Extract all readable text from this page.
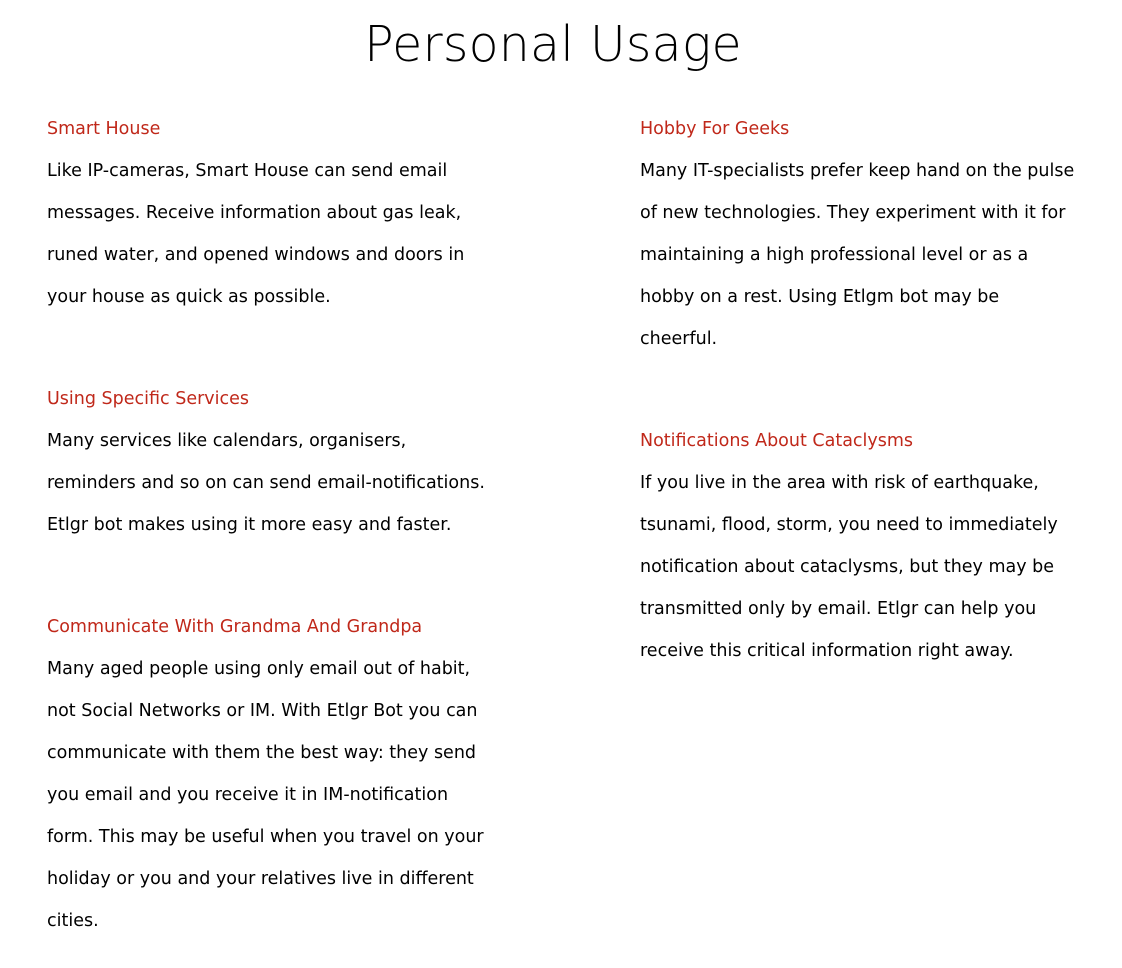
Personal Usage
Smart House

Like IP-cameras, Smart House can send email
messages. Receive information about gas leak,
runed water, and opened windows and doors in
your house as quick as possible.

Using Specific Services

Many services like calendars, organisers,
reminders and so on can send email-notifications.
Etlgr bot makes using it more easy and faster.

Communicate With Grandma And Grandpa

Many aged people using only email out of habit,
not Social Networks or IM. With Etlgr Bot you can
communicate with them the best way: they send
you email and you receive it in IM-notification
form. This may be useful when you travel on your
holiday or you and your relatives live in different
cities.

Hobby For Geeks

Many IT-specialists prefer keep hand on the pulse
of new technologies. They experiment with it for
maintaining a high professional level or as a
hobby on a rest. Using Etlgm bot may be cheerful.

Notifications About Cataclysms

If you live in the area with risk of earthquake,
tsunami, flood, storm, you need to immediately
notification about cataclysms, but they may be
transmitted only by email. Etlgr can help you
receive this critical information right away.
